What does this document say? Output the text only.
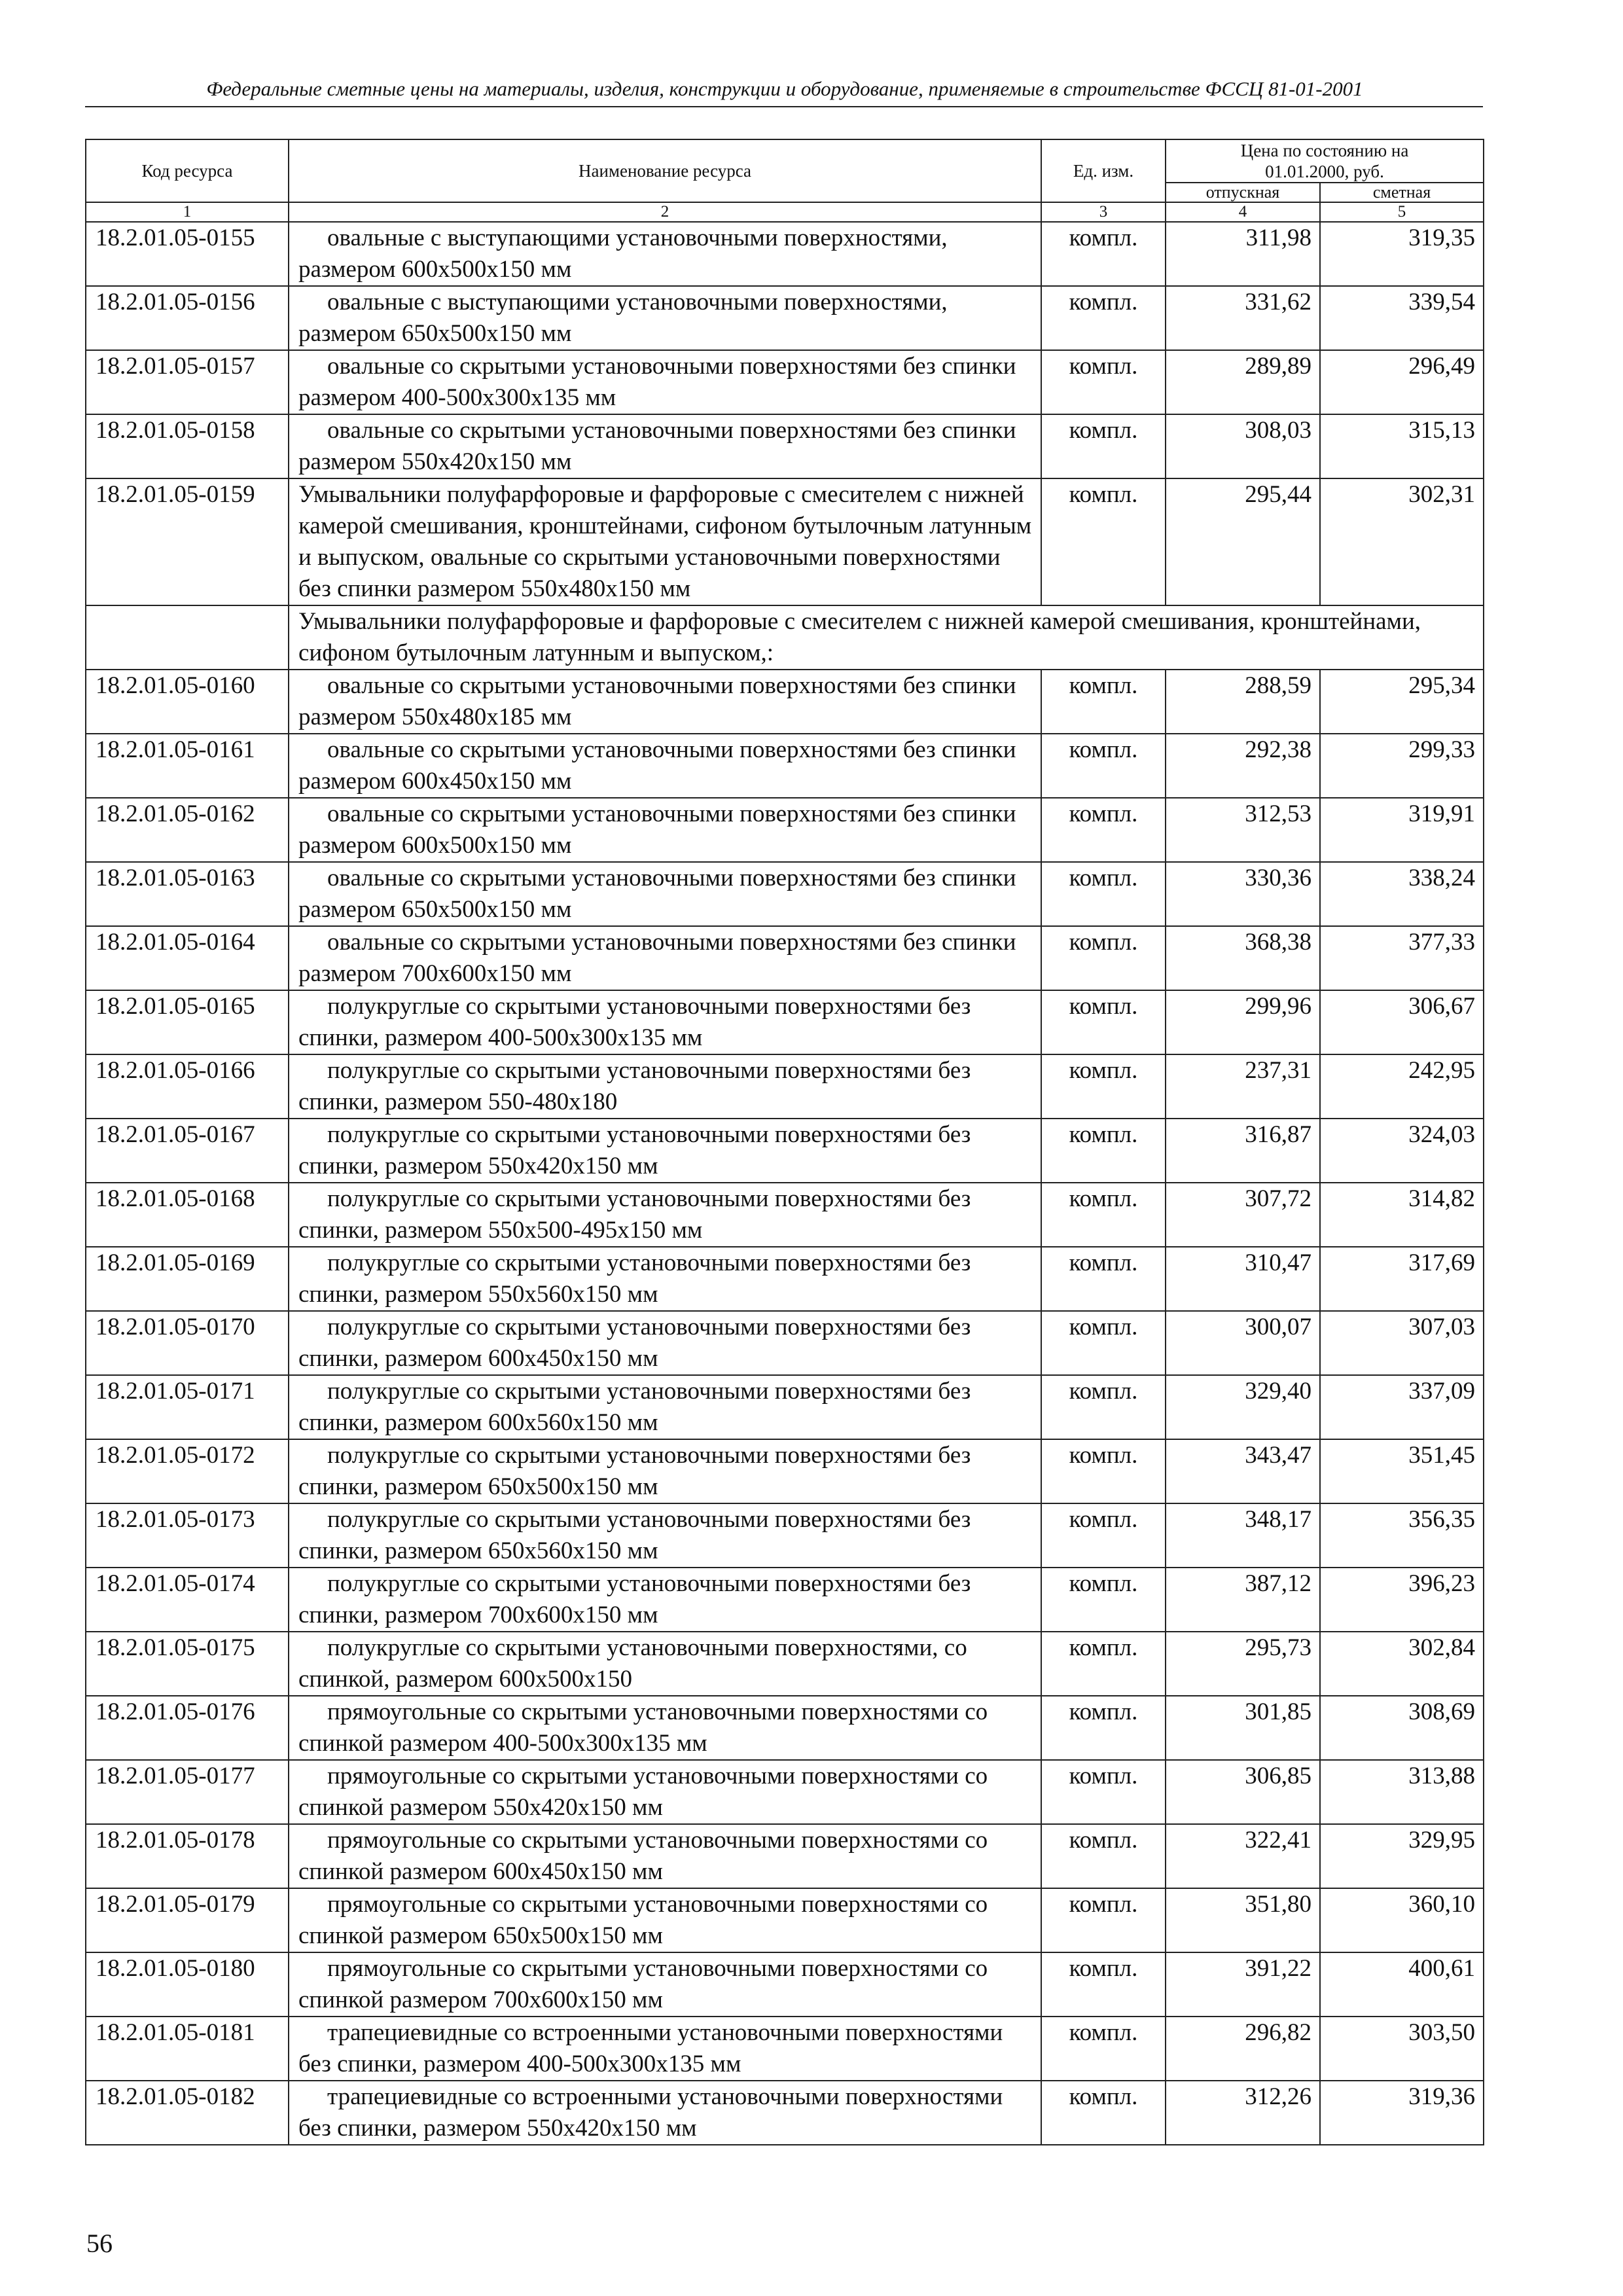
Федеральные сметные цены на материалы, изделия, конструкции и оборудование, применяемые в строительстве ФССЦ 81-01-2001
Код ресурса	Наименование ресурса	Ед. изм.	Цена по состоянию на 01.01.2000, руб.	
			отпускная	сметная
1	2	3	4	5
18.2.01.05-0155	овальные с выступающими установочными поверхностями, размером 600х500х150 мм	компл.	311,98	319,35
18.2.01.05-0156	овальные с выступающими установочными поверхностями, размером 650х500х150 мм	компл.	331,62	339,54
18.2.01.05-0157	овальные со скрытыми установочными поверхностями без спинки размером 400-500х300х135 мм	компл.	289,89	296,49
18.2.01.05-0158	овальные со скрытыми установочными поверхностями без спинки размером 550х420х150 мм	компл.	308,03	315,13
18.2.01.05-0159	Умывальники полуфарфоровые и фарфоровые с смесителем с нижней камерой смешивания, кронштейнами, сифоном бутылочным латунным и выпуском, овальные со скрытыми установочными поверхностями без спинки размером 550х480х150 мм	компл.	295,44	302,31
	Умывальники полуфарфоровые и фарфоровые с смесителем с нижней камерой смешивания, кронштейнами, сифоном бутылочным латунным и выпуском,:			
18.2.01.05-0160	овальные со скрытыми установочными поверхностями без спинки размером 550х480х185 мм	компл.	288,59	295,34
18.2.01.05-0161	овальные со скрытыми установочными поверхностями без спинки размером 600х450х150 мм	компл.	292,38	299,33
18.2.01.05-0162	овальные со скрытыми установочными поверхностями без спинки размером 600х500х150 мм	компл.	312,53	319,91
18.2.01.05-0163	овальные со скрытыми установочными поверхностями без спинки размером 650х500х150 мм	компл.	330,36	338,24
18.2.01.05-0164	овальные со скрытыми установочными поверхностями без спинки размером 700х600х150 мм	компл.	368,38	377,33
18.2.01.05-0165	полукруглые со скрытыми установочными поверхностями без спинки, размером 400-500х300х135 мм	компл.	299,96	306,67
18.2.01.05-0166	полукруглые со скрытыми установочными поверхностями без спинки, размером 550-480х180	компл.	237,31	242,95
18.2.01.05-0167	полукруглые со скрытыми установочными поверхностями без спинки, размером 550х420х150 мм	компл.	316,87	324,03
18.2.01.05-0168	полукруглые со скрытыми установочными поверхностями без спинки, размером 550х500-495х150 мм	компл.	307,72	314,82
18.2.01.05-0169	полукруглые со скрытыми установочными поверхностями без спинки, размером 550х560х150 мм	компл.	310,47	317,69
18.2.01.05-0170	полукруглые со скрытыми установочными поверхностями без спинки, размером 600х450х150 мм	компл.	300,07	307,03
18.2.01.05-0171	полукруглые со скрытыми установочными поверхностями без спинки, размером 600х560х150 мм	компл.	329,40	337,09
18.2.01.05-0172	полукруглые со скрытыми установочными поверхностями без спинки, размером 650х500х150 мм	компл.	343,47	351,45
18.2.01.05-0173	полукруглые со скрытыми установочными поверхностями без спинки, размером 650х560х150 мм	компл.	348,17	356,35
18.2.01.05-0174	полукруглые со скрытыми установочными поверхностями без спинки, размером 700х600х150 мм	компл.	387,12	396,23
18.2.01.05-0175	полукруглые со скрытыми установочными поверхностями, со спинкой, размером 600х500х150	компл.	295,73	302,84
18.2.01.05-0176	прямоугольные со скрытыми установочными поверхностями со спинкой размером 400-500х300х135 мм	компл.	301,85	308,69
18.2.01.05-0177	прямоугольные со скрытыми установочными поверхностями со спинкой размером 550х420х150 мм	компл.	306,85	313,88
18.2.01.05-0178	прямоугольные со скрытыми установочными поверхностями со спинкой размером 600х450х150 мм	компл.	322,41	329,95
18.2.01.05-0179	прямоугольные со скрытыми установочными поверхностями со спинкой размером 650х500х150 мм	компл.	351,80	360,10
18.2.01.05-0180	прямоугольные со скрытыми установочными поверхностями со спинкой размером 700х600х150 мм	компл.	391,22	400,61
18.2.01.05-0181	трапециевидные со встроенными установочными поверхностями без спинки, размером 400-500х300х135 мм	компл.	296,82	303,50
18.2.01.05-0182	трапециевидные со встроенными установочными поверхностями без спинки, размером 550х420х150 мм	компл.	312,26	319,36
56
